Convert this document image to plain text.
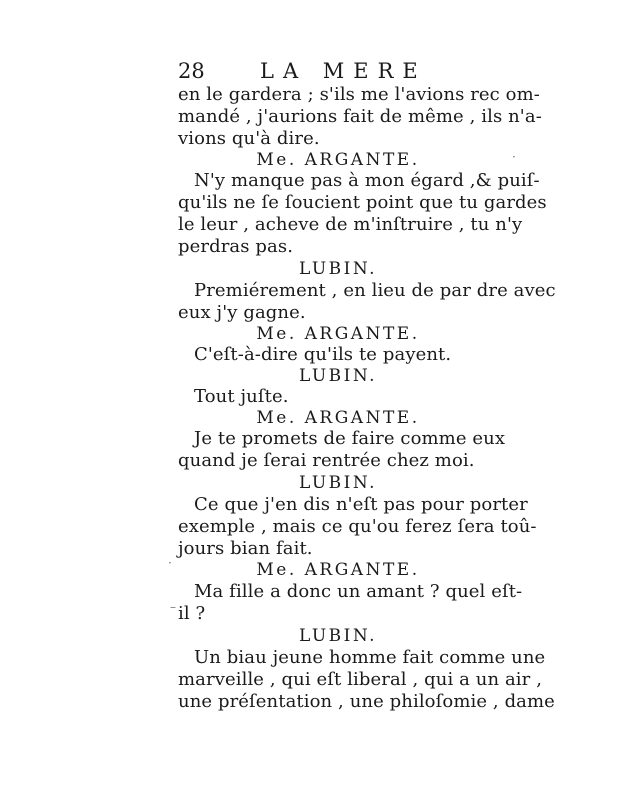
28	LA MERE
en le gardera ; s'ils me l'avions rec om-
mandé , j'aurions fait de même , ils n'a-
vions qu'à dire.
Me. ARGANTE.
N'y manque pas à mon égard ,& puiſ-
qu'ils ne ſe ſoucient point que tu gardes
le leur , acheve de m'inſtruire , tu n'y
perdras pas.
LUBIN.
Premiérement , en lieu de par dre avec
eux j'y gagne.
Me. ARGANTE.
C'eſt-à-dire qu'ils te payent.
LUBIN.
Tout juſte.
Me. ARGANTE.
Je te promets de faire comme eux
quand je ſerai rentrée chez moi.
LUBIN.
Ce que j'en dis n'eſt pas pour porter
exemple , mais ce qu'ou ferez ſera toû-
jours bian fait.
Me. ARGANTE.
Ma fille a donc un amant ? quel eſt-
il ?
LUBIN.
Un biau jeune homme fait comme une
marveille , qui eſt liberal , qui a un air ,
une préſentation , une philoſomie , dame
·
·
–
